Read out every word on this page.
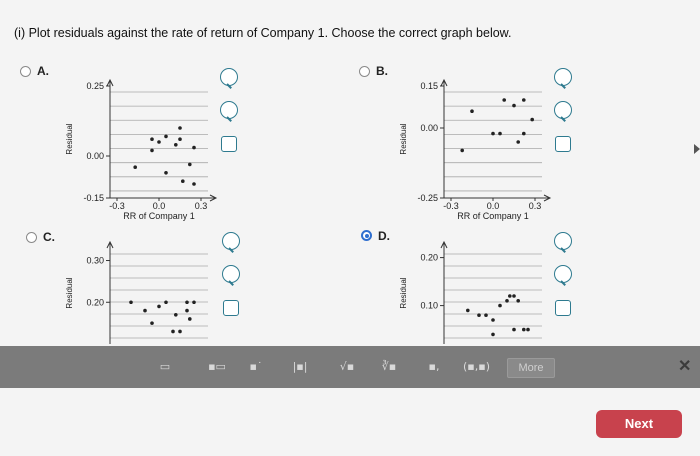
(i) Plot residuals against the rate of return of Company 1. Choose the correct graph below.
A.
0.25
0.00
-0.15
-0.3	0.0	0.3
RR of Company 1
Residual
B.
0.15
0.00
-0.25
-0.3	0.0	0.3
RR of Company 1
Residual
C.
0.30
0.20
Residual
D.
0.20
0.10
Residual
▭	▪▭	▪˙	|▪|	√▪	∛▪	▪,	(▪,▪)	More	✕
Next
